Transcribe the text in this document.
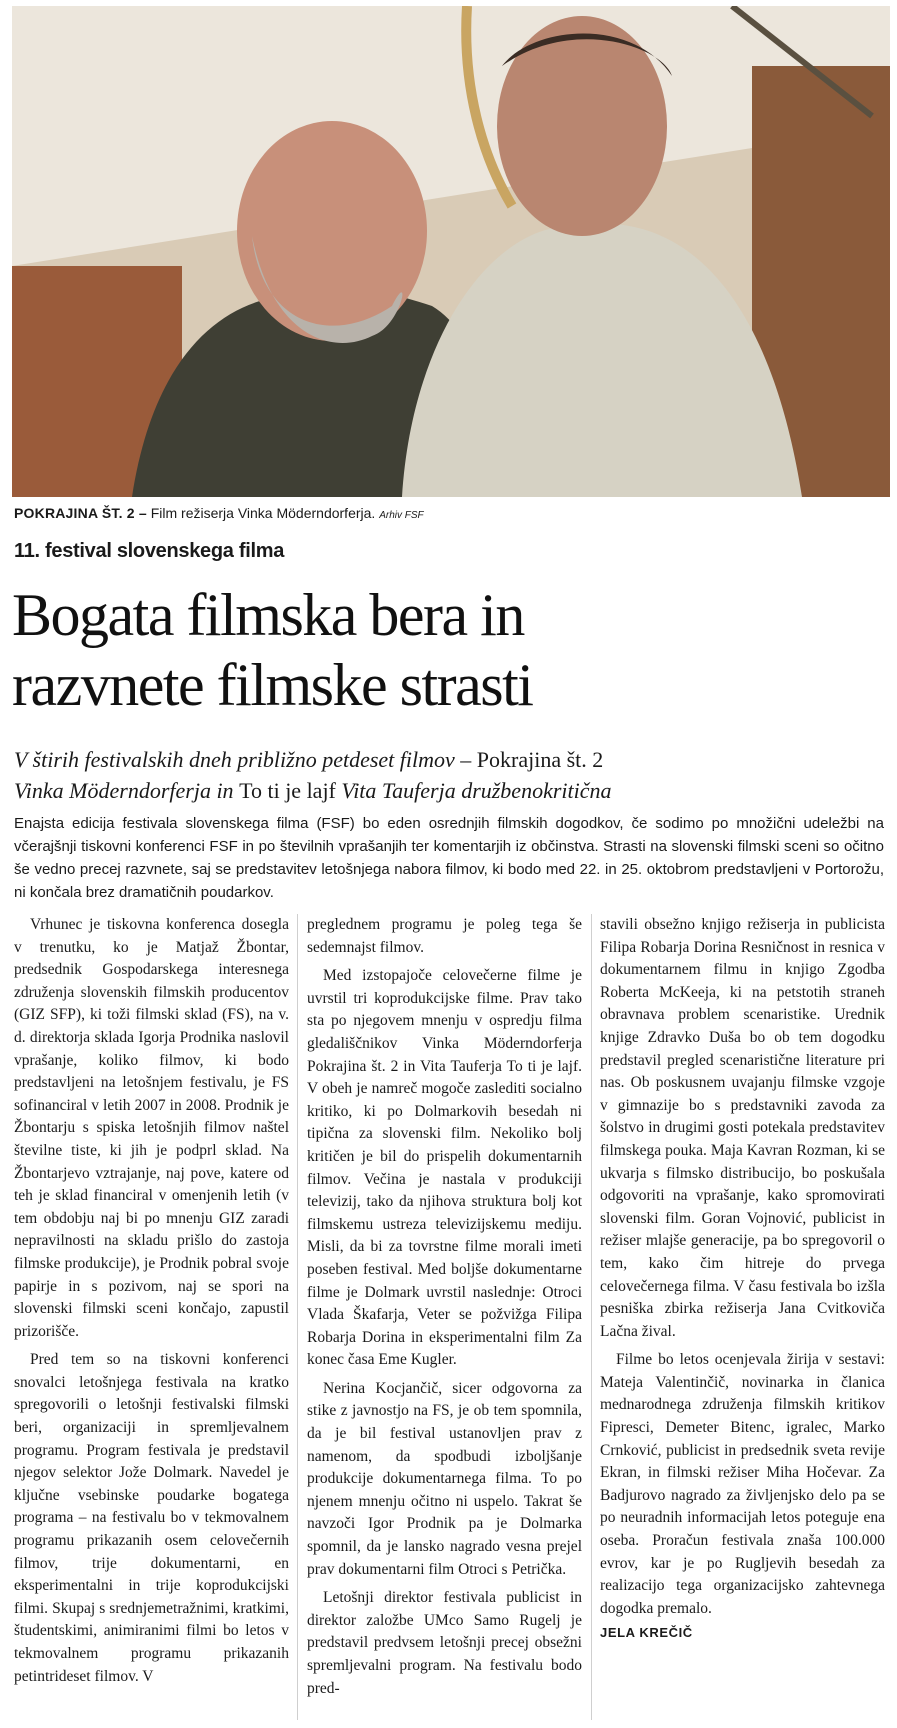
POKRAJINA ŠT. 2 – Film režiserja Vinka Möderndorferja. Arhiv FSF
11. festival slovenskega filma
Bogata filmska bera in
razvnete filmske strasti
V štirih festivalskih dneh približno petdeset filmov – Pokrajina št. 2
Vinka Möderndorferja in To ti je lajf Vita Tauferja družbenokritična
Enajsta edicija festivala slovenskega filma (FSF) bo eden osrednjih filmskih dogodkov, če sodimo po množični udeležbi na včerajšnji tiskovni konferenci FSF in po številnih vprašanjih ter komentarjih iz občinstva. Strasti na slovenski filmski sceni so očitno še vedno precej razvnete, saj se predstavitev letošnjega nabora filmov, ki bodo med 22. in 25. oktobrom predstavljeni v Portorožu, ni končala brez dramatičnih poudarkov.

Vrhunec je tiskovna konferenca dosegla v trenutku, ko je Matjaž Žbontar, predsednik Gospodarskega interesnega združenja slovenskih filmskih producentov (GIZ SFP), ki toži filmski sklad (FS), na v. d. direktorja sklada Igorja Prodnika naslovil vprašanje, koliko filmov, ki bodo predstavljeni na letošnjem festivalu, je FS sofinanciral v letih 2007 in 2008. Prodnik je Žbontarju s spiska letošnjih filmov naštel številne tiste, ki jih je podprl sklad. Na Žbontarjevo vztrajanje, naj pove, katere od teh je sklad financiral v omenjenih letih (v tem obdobju naj bi po mnenju GIZ zaradi nepravilnosti na skladu prišlo do zastoja filmske produkcije), je Prodnik pobral svoje papirje in s pozivom, naj se spori na slovenski filmski sceni končajo, zapustil prizorišče.

Pred tem so na tiskovni konferenci snovalci letošnjega festivala na kratko spregovorili o letošnji festivalski filmski beri, organizaciji in spremljevalnem programu. Program festivala je predstavil njegov selektor Jože Dolmark. Navedel je ključne vsebinske poudarke bogatega programa – na festivalu bo v tekmovalnem programu prikazanih osem celovečernih filmov, trije dokumentarni, en eksperimentalni in trije koprodukcijski filmi. Skupaj s srednjemetražnimi, kratkimi, študentskimi, animiranimi filmi bo letos v tekmovalnem programu prikazanih petintrideset filmov. V

preglednem programu je poleg tega še sedemnajst filmov.

Med izstopajoče celovečerne filme je uvrstil tri koprodukcijske filme. Prav tako sta po njegovem mnenju v ospredju filma gledališčnikov Vinka Möderndorferja Pokrajina št. 2 in Vita Tauferja To ti je lajf. V obeh je namreč mogoče zaslediti socialno kritiko, ki po Dolmarkovih besedah ni tipična za slovenski film. Nekoliko bolj kritičen je bil do prispelih dokumentarnih filmov. Večina je nastala v produkciji televizij, tako da njihova struktura bolj kot filmskemu ustreza televizijskemu mediju. Misli, da bi za tovrstne filme morali imeti poseben festival. Med boljše dokumentarne filme je Dolmark uvrstil naslednje: Otroci Vlada Škafarja, Veter se požvižga Filipa Robarja Dorina in eksperimentalni film Za konec časa Eme Kugler.

Nerina Kocjančič, sicer odgovorna za stike z javnostjo na FS, je ob tem spomnila, da je bil festival ustanovljen prav z namenom, da spodbudi izboljšanje produkcije dokumentarnega filma. To po njenem mnenju očitno ni uspelo. Takrat še navzoči Igor Prodnik pa je Dolmarka spomnil, da je lansko nagrado vesna prejel prav dokumentarni film Otroci s Petrička.

Letošnji direktor festivala publicist in direktor založbe UMco Samo Rugelj je predstavil predvsem letošnji precej obsežni spremljevalni program. Na festivalu bodo pred-

stavili obsežno knjigo režiserja in publicista Filipa Robarja Dorina Resničnost in resnica v dokumentarnem filmu in knjigo Zgodba Roberta McKeeja, ki na petstotih straneh obravnava problem scenaristike. Urednik knjige Zdravko Duša bo ob tem dogodku predstavil pregled scenaristične literature pri nas. Ob poskusnem uvajanju filmske vzgoje v gimnazije bo s predstavniki zavoda za šolstvo in drugimi gosti potekala predstavitev filmskega pouka. Maja Kavran Rozman, ki se ukvarja s filmsko distribucijo, bo poskušala odgovoriti na vprašanje, kako spromovirati slovenski film. Goran Vojnović, publicist in režiser mlajše generacije, pa bo spregovoril o tem, kako čim hitreje do prvega celovečernega filma. V času festivala bo izšla pesniška zbirka režiserja Jana Cvitkoviča Lačna žival.

Filme bo letos ocenjevala žirija v sestavi: Mateja Valentinčič, novinarka in članica mednarodnega združenja filmskih kritikov Fipresci, Demeter Bitenc, igralec, Marko Crnković, publicist in predsednik sveta revije Ekran, in filmski režiser Miha Hočevar. Za Badjurovo nagrado za življenjsko delo pa se po neuradnih informacijah letos poteguje ena oseba. Proračun festivala znaša 100.000 evrov, kar je po Rugljevih besedah za realizacijo tega organizacijsko zahtevnega dogodka premalo.

JELA KREČIČ
